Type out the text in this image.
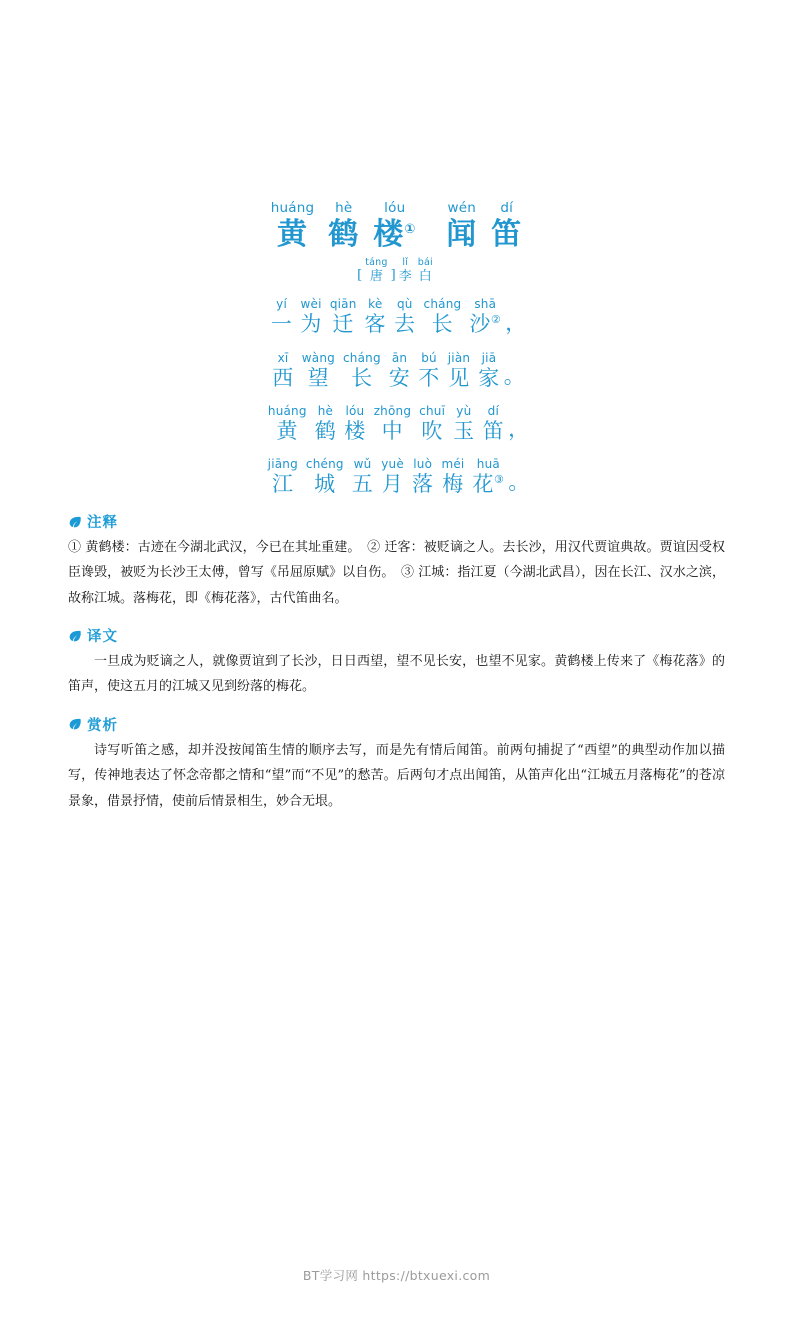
huáng
黄
hè
鹤
lóu
楼①
wén
闻
dí
笛
[
táng
唐 ]
lǐ
李
bái
白
yí
一
wèi
为
qiān
迁
kè
客
qù
去
cháng
长
shā
沙② ，
xī
西
wàng
望
cháng
长
ān
安
bú
不
jiàn
见
jiā
家 。
huáng
黄
hè
鹤
lóu
楼
zhōng
中
chuī
吹
yù
玉
dí
笛 ，
jiāng
江
chéng
城
wǔ
五
yuè
月
luò
落
méi
梅
huā
花③ 。
注释
① 黄鹤楼：古迹在今湖北武汉，今已在其址重建。　② 迁客：被贬谪之人。去长沙，用汉代贾谊典故。贾谊因受权臣谗毁，被贬为长沙王太傅，曾写《吊屈原赋》以自伤。　③ 江城：指江夏（今湖北武昌），因在长江、汉水之滨，故称江城。落梅花，即《梅花落》，古代笛曲名。
译文
一旦成为贬谪之人，就像贾谊到了长沙，日日西望，望不见长安，也望不见家。黄鹤楼上传来了《梅花落》的笛声，使这五月的江城又见到纷落的梅花。
赏析
诗写听笛之感，却并没按闻笛生情的顺序去写，而是先有情后闻笛。前两句捕捉了“西望”的典型动作加以描写，传神地表达了怀念帝都之情和“望”而“不见”的愁苦。后两句才点出闻笛，从笛声化出“江城五月落梅花”的苍凉景象，借景抒情，使前后情景相生，妙合无垠。
BT学习网 https://btxuexi.com
